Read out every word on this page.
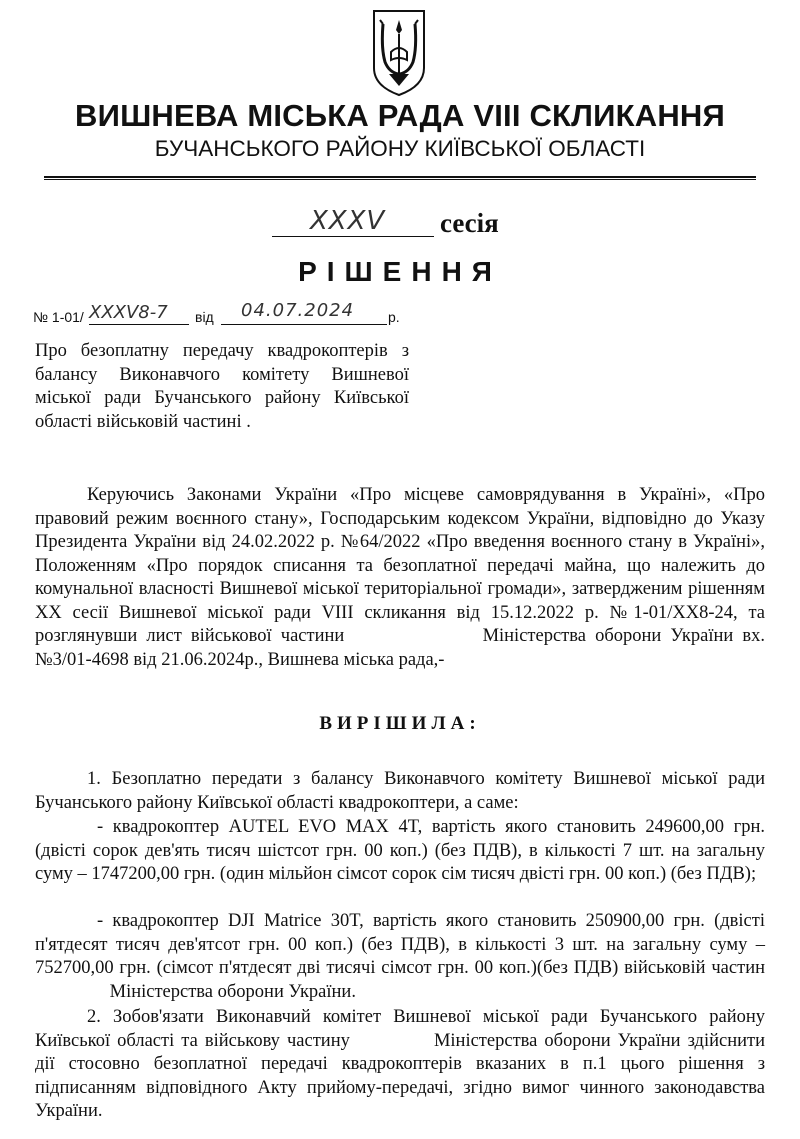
ВИШНЕВА МІСЬКА РАДА VIII СКЛИКАННЯ
БУЧАНСЬКОГО РАЙОНУ КИЇВСЬКОЇ ОБЛАСТІ
XXXV сесія
РІШЕННЯ
№ 1-01/ XXXV8-7 від 04.07.2024 р.

Про безоплатну передачу квадрокоптерів з балансу Виконавчого комітету Вишневої міської ради Бучанського району Київської області військовій частині .

Керуючись Законами України «Про місцеве самоврядування в Україні», «Про правовий режим воєнного стану», Господарським кодексом України, відповідно до Указу Президента України від 24.02.2022 р. №64/2022 «Про введення воєнного стану в Україні», Положенням «Про порядок списання та безоплатної передачі майна, що належить до комунальної власності Вишневої міської територіальної громади», затвердженим рішенням XX сесії Вишневої міської ради VIII скликання від 15.12.2022 р. №1-01/XX8-24, та розглянувши лист військової частини	Міністерства оборони України вх. №3/01-4698 від 21.06.2024р., Вишнева міська рада,-
ВИРІШИЛА:
1. Безоплатно передати з балансу Виконавчого комітету Вишневої міської ради Бучанського району Київської області квадрокоптери, а саме:
- квадрокоптер AUTEL EVO MAX 4T, вартість якого становить 249600,00 грн. (двісті сорок дев'ять тисяч шістсот грн. 00 коп.) (без ПДВ), в кількості 7 шт. на загальну суму – 1747200,00 грн. (один мільйон сімсот сорок сім тисяч двісті грн. 00 коп.) (без ПДВ);
- квадрокоптер DJI Matrice 30T, вартість якого становить 250900,00 грн. (двісті п'ятдесят тисяч дев'ятсот грн. 00 коп.) (без ПДВ), в кількості 3 шт. на загальну суму – 752700,00 грн. (сімсот п'ятдесят дві тисячі сімсот грн. 00 коп.)(без ПДВ) військовій частин  Міністерства оборони України.
2. Зобов'язати Виконавчий комітет Вишневої міської ради Бучанського району Київської області та військову частину	Міністерства оборони України здійснити дії стосовно безоплатної передачі квадрокоптерів вказаних в п.1 цього рішення з підписанням відповідного Акту прийому-передачі, згідно вимог чинного законодавства України.
